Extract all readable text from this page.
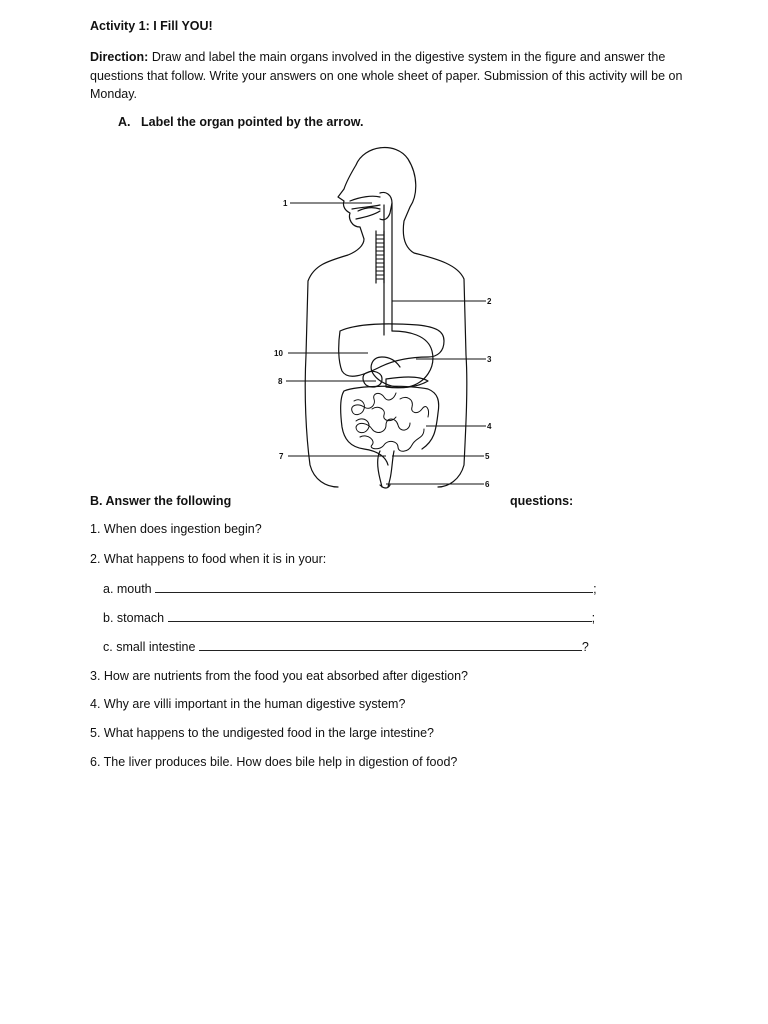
Activity 1: I Fill YOU!
Direction: Draw and label the main organs involved in the digestive system in the figure and answer the questions that follow. Write your answers on one whole sheet of paper. Submission of this activity will be on Monday.
A. Label the organ pointed by the arrow.
1
2
3
4
5
6
7
8
10
B. Answer the following	questions:
1. When does ingestion begin?
2. What happens to food when it is in your:
a. mouth	;
b. stomach	;
c. small intestine	?
3. How are nutrients from the food you eat absorbed after digestion?
4. Why are villi important in the human digestive system?
5. What happens to the undigested food in the large intestine?
6. The liver produces bile. How does bile help in digestion of food?
